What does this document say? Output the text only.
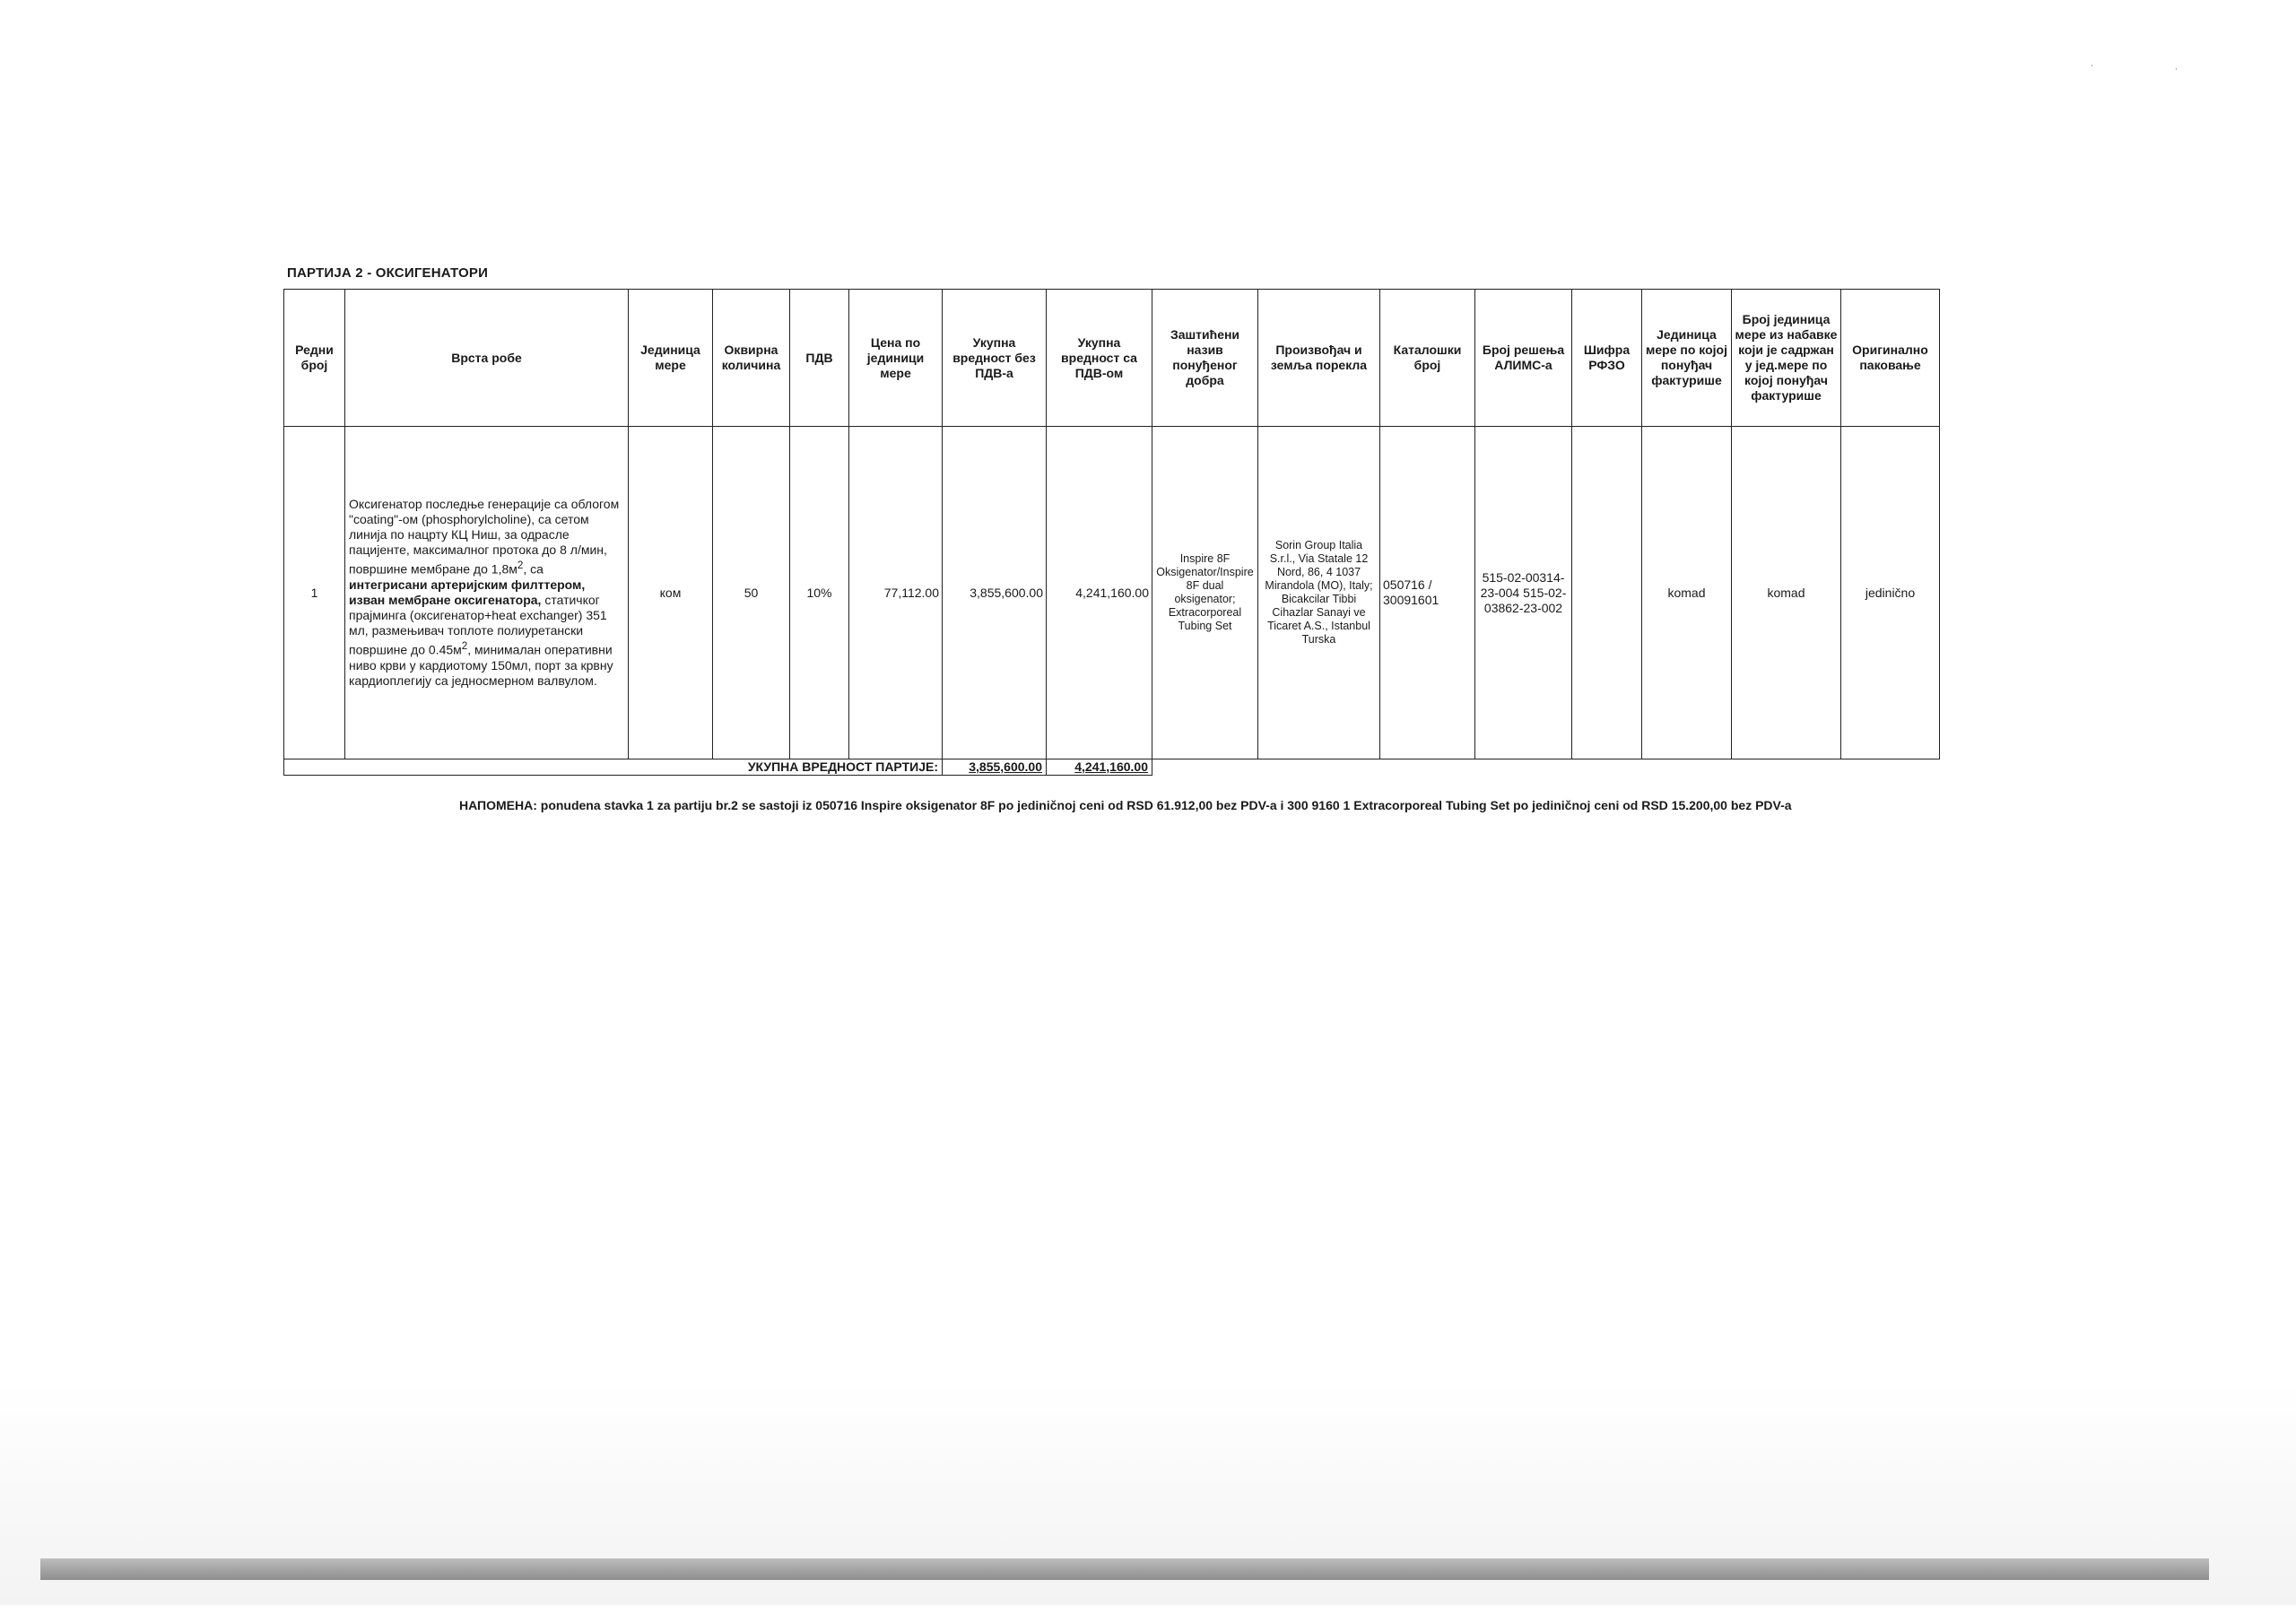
·	ˌ
ПАРТИЈА 2 - ОКСИГЕНАТОРИ
Редни број	Врста робе	Јединица мере	Оквирна количина	ПДВ	Цена по јединици мере	Укупна вредност без ПДВ-а	Укупна вредност са ПДВ-ом	Заштићени назив понуђеног добра	Произвођач и земља порекла	Каталошки број	Број решења АЛИМС-а	Шифра РФЗО	Јединица мере по којој понуђач фактурише	Број јединица мере из набавке који је садржан у јед.мере по којој понуђач фактурише	Оригинално паковање
1	Оксигенатор последње генерације са облогом "coating"-ом (phosphorylcholine), са сетом линија по нацрту КЦ Ниш, за одрасле пацијенте, максималног протока до 8 л/мин, површине мембране до $1,8м^2$, са
интегрисани артеријским филттером, изван мембране оксигенатора, статичког прајминга (оксигенатор+heat exchanger) 351 мл, размењивач топлоте полиуретански површине до $0.45м^2$, минималан оперативни ниво крви у кардиотому 150мл, порт за крвну кардиоплегију са једносмерном валвулом.	ком	50	10%	77,112.00	3,855,600.00	4,241,160.00	Inspire 8F Oksigenator/Inspire 8F dual oksigenator; Extracorporeal Tubing Set	Sorin Group Italia S.r.l., Via Statale 12 Nord, 86, 4 1037 Mirandola (MO), Italy; Bicakcilar Tibbi Cihazlar Sanayi ve Ticaret A.S., Istanbul Turska	050716 / 30091601	515-02-00314-23-004 515-02-03862-23-002		komad	komad	jedinično
УКУПНА ВРЕДНОСТ ПАРТИЈЕ:						3,855,600.00	4,241,160.00								
НАПОМЕНА: ponudena stavka 1 za partiju br.2 se sastoji iz 050716 Inspire oksigenator 8F po jediničnoj ceni od RSD 61.912,00 bez PDV-a i 300 9160 1 Extracorporeal Tubing Set po jediničnoj ceni od RSD 15.200,00 bez PDV-a
